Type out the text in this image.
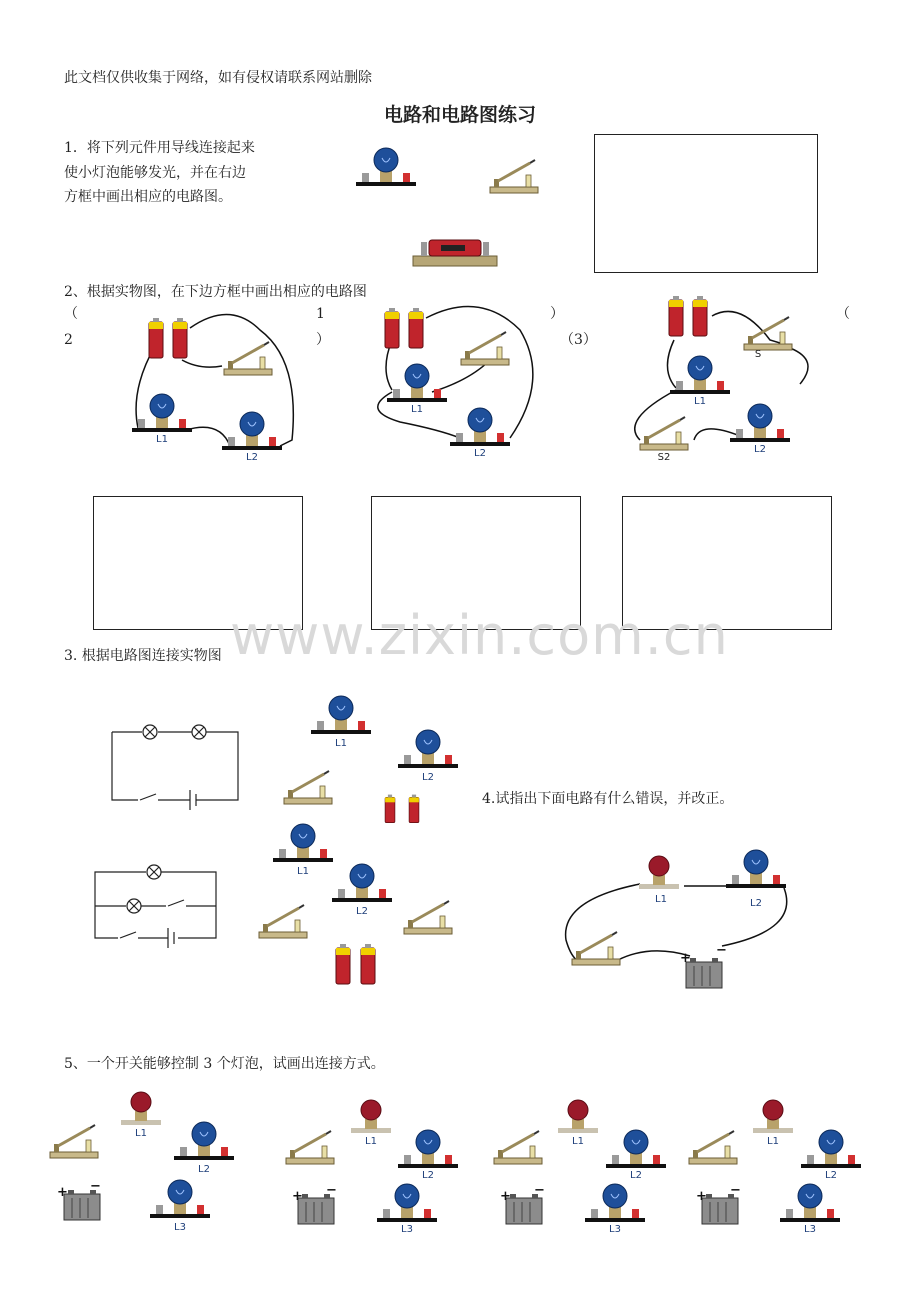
此文档仅供收集于网络，如有侵权请联系网站删除
电路和电路图练习
1．将下列元件用导线连接起来
使小灯泡能够发光，并在右边
方框中画出相应的电路图。
2、根据实物图，在下边方框中画出相应的电路图
（	1	）	（
2	）	（3）
www.zixin.com.cn
3. 根据电路图连接实物图
4.试指出下面电路有什么错误，并改正。
5、一个开关能够控制 3 个灯泡，试画出连接方式。
L1
L2
L1
L2
S
L1
S2
L2
L1
L2
L1
L2
L1	L2
L1
L2
L3
L1
L2
L3
L1
L2
L3
L1
L2
L3
+
−
+ −
+ −	+ −	+ −
